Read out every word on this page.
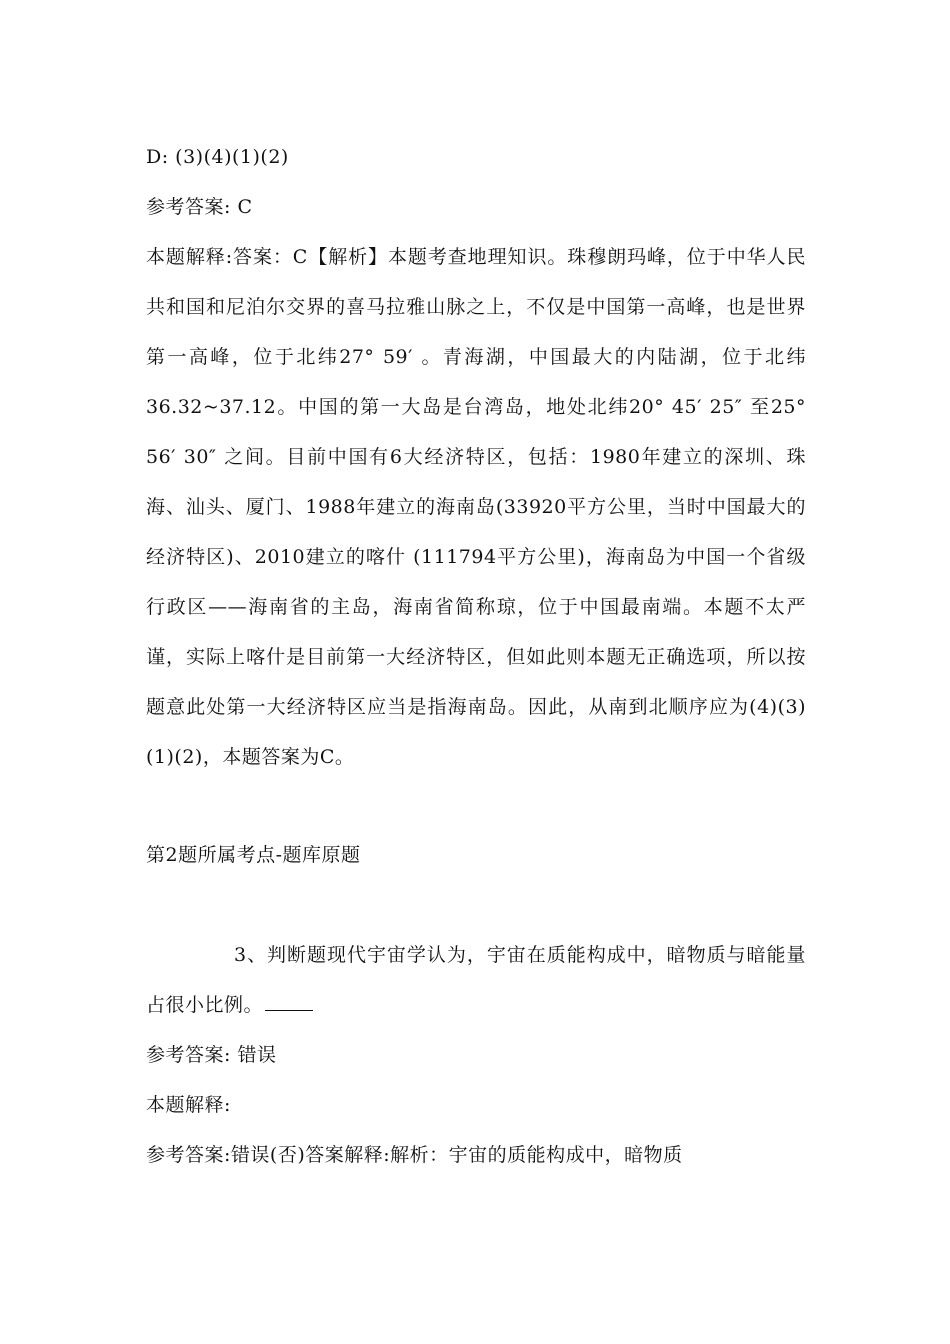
D: (3)(4)(1)(2)

参考答案: C

本题解释:答案：C【解析】本题考查地理知识。珠穆朗玛峰，位于中华人民共和国和尼泊尔交界的喜马拉雅山脉之上，不仅是中国第一高峰，也是世界第一高峰，位于北纬27° 59′ 。青海湖，中国最大的内陆湖，位于北纬36.32~37.12。中国的第一大岛是台湾岛，地处北纬20° 45′ 25″ 至25° 56′ 30″ 之间。目前中国有6大经济特区，包括：1980年建立的深圳、珠海、汕头、厦门、1988年建立的海南岛(33920平方公里，当时中国最大的经济特区)、2010建立的喀什 (111794平方公里)，海南岛为中国一个省级行政区——海南省的主岛，海南省简称琼，位于中国最南端。本题不太严谨，实际上喀什是目前第一大经济特区，但如此则本题无正确选项，所以按题意此处第一大经济特区应当是指海南岛。因此，从南到北顺序应为(4)(3)(1)(2)，本题答案为C。

第2题所属考点-题库原题

3、判断题现代宇宙学认为，宇宙在质能构成中，暗物质与暗能量占很小比例。

参考答案: 错误

本题解释:

参考答案:错误(否)答案解释:解析：宇宙的质能构成中，暗物质
